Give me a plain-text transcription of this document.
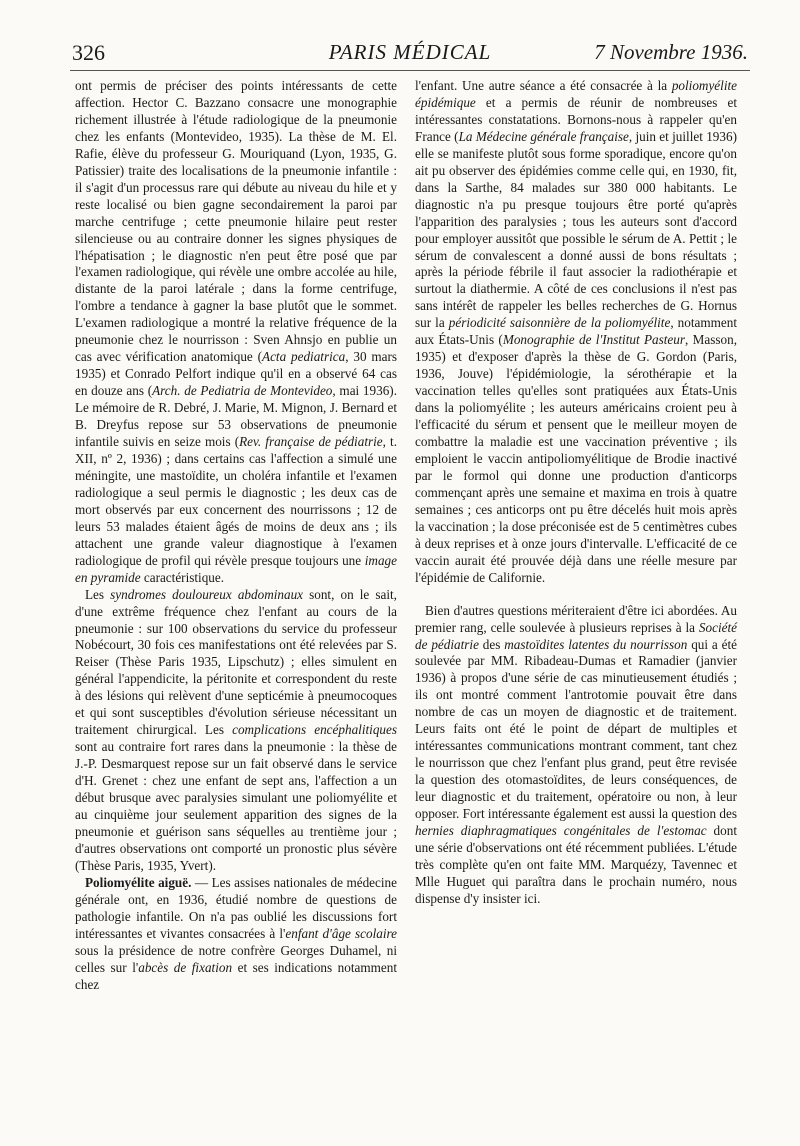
326	PARIS MÉDICAL	7 Novembre 1936.

ont permis de préciser des points intéressants de cette affection. Hector C. Bazzano consacre une monographie richement illustrée à l'étude radiologique de la pneumonie chez les enfants (Montevideo, 1935). La thèse de M. El. Rafie, élève du professeur G. Mouriquand (Lyon, 1935, G. Patissier) traite des localisations de la pneumonie infantile : il s'agit d'un processus rare qui débute au niveau du hile et y reste localisé ou bien gagne secondairement la paroi par marche centrifuge ; cette pneumonie hilaire peut rester silencieuse ou au contraire donner les signes physiques de l'hépatisation ; le diagnostic n'en peut être posé que par l'examen radiologique, qui révèle une ombre accolée au hile, distante de la paroi latérale ; dans la forme centrifuge, l'ombre a tendance à gagner la base plutôt que le sommet. L'examen radiologique a montré la relative fréquence de la pneumonie chez le nourrisson : Sven Ahnsjo en publie un cas avec vérification anatomique (Acta pediatrica, 30 mars 1935) et Conrado Pelfort indique qu'il en a observé 64 cas en douze ans (Arch. de Pediatria de Montevideo, mai 1936). Le mémoire de R. Debré, J. Marie, M. Mignon, J. Bernard et B. Dreyfus repose sur 53 observations de pneumonie infantile suivis en seize mois (Rev. française de pédiatrie, t. XII, nº 2, 1936) ; dans certains cas l'affection a simulé une méningite, une mastoïdite, un choléra infantile et l'examen radiologique a seul permis le diagnostic ; les deux cas de mort observés par eux concernent des nourrissons ; 12 de leurs 53 malades étaient âgés de moins de deux ans ; ils attachent une grande valeur diagnostique à l'examen radiologique de profil qui révèle presque toujours une image en pyramide caractéristique.

Les syndromes douloureux abdominaux sont, on le sait, d'une extrême fréquence chez l'enfant au cours de la pneumonie : sur 100 observations du service du professeur Nobécourt, 30 fois ces manifestations ont été relevées par S. Reiser (Thèse Paris 1935, Lipschutz) ; elles simulent en général l'appendicite, la péritonite et correspondent du reste à des lésions qui relèvent d'une septicémie à pneumocoques et qui sont susceptibles d'évolution sérieuse nécessitant un traitement chirurgical. Les complications encéphalitiques sont au contraire fort rares dans la pneumonie : la thèse de J.-P. Desmarquest repose sur un fait observé dans le service d'H. Grenet : chez une enfant de sept ans, l'affection a un début brusque avec paralysies simulant une poliomyélite et au cinquième jour seulement apparition des signes de la pneumonie et guérison sans séquelles au trentième jour ; d'autres observations ont comporté un pronostic plus sévère (Thèse Paris, 1935, Yvert).

Poliomyélite aiguë. — Les assises nationales de médecine générale ont, en 1936, étudié nombre de questions de pathologie infantile. On n'a pas oublié les discussions fort intéressantes et vivantes consacrées à l'enfant d'âge scolaire sous la présidence de notre confrère Georges Duhamel, ni celles sur l'abcès de fixation et ses indications notamment chez

l'enfant. Une autre séance a été consacrée à la poliomyélite épidémique et a permis de réunir de nombreuses et intéressantes constatations. Bornons-nous à rappeler qu'en France (La Médecine générale française, juin et juillet 1936) elle se manifeste plutôt sous forme sporadique, encore qu'on ait pu observer des épidémies comme celle qui, en 1930, fit, dans la Sarthe, 84 malades sur 380 000 habitants. Le diagnostic n'a pu presque toujours être porté qu'après l'apparition des paralysies ; tous les auteurs sont d'accord pour employer aussitôt que possible le sérum de A. Pettit ; le sérum de convalescent a donné aussi de bons résultats ; après la période fébrile il faut associer la radiothérapie et surtout la diathermie. A côté de ces conclusions il n'est pas sans intérêt de rappeler les belles recherches de G. Hornus sur la périodicité saisonnière de la poliomyélite, notamment aux États-Unis (Monographie de l'Institut Pasteur, Masson, 1935) et d'exposer d'après la thèse de G. Gordon (Paris, 1936, Jouve) l'épidémiologie, la sérothérapie et la vaccination telles qu'elles sont pratiquées aux États-Unis dans la poliomyélite ; les auteurs américains croient peu à l'efficacité du sérum et pensent que le meilleur moyen de combattre la maladie est une vaccination préventive ; ils emploient le vaccin antipoliomyélitique de Brodie inactivé par le formol qui donne une production d'anticorps commençant après une semaine et maxima en trois à quatre semaines ; ces anticorps ont pu être décelés huit mois après la vaccination ; la dose préconisée est de 5 centimètres cubes à deux reprises et à onze jours d'intervalle. L'efficacité de ce vaccin aurait été prouvée déjà dans une réelle mesure par l'épidémie de Californie.

Bien d'autres questions mériteraient d'être ici abordées. Au premier rang, celle soulevée à plusieurs reprises à la Société de pédiatrie des mastoïdites latentes du nourrisson qui a été soulevée par MM. Ribadeau-Dumas et Ramadier (janvier 1936) à propos d'une série de cas minutieusement étudiés ; ils ont montré comment l'antrotomie pouvait être dans nombre de cas un moyen de diagnostic et de traitement. Leurs faits ont été le point de départ de multiples et intéressantes communications montrant comment, tant chez le nourrisson que chez l'enfant plus grand, peut être revisée la question des otomastoïdites, de leurs conséquences, de leur diagnostic et du traitement, opératoire ou non, à leur opposer. Fort intéressante également est aussi la question des hernies diaphragmatiques congénitales de l'estomac dont une série d'observations ont été récemment publiées. L'étude très complète qu'en ont faite MM. Marquézy, Tavennec et Mlle Huguet qui paraîtra dans le prochain numéro, nous dispense d'y insister ici.
